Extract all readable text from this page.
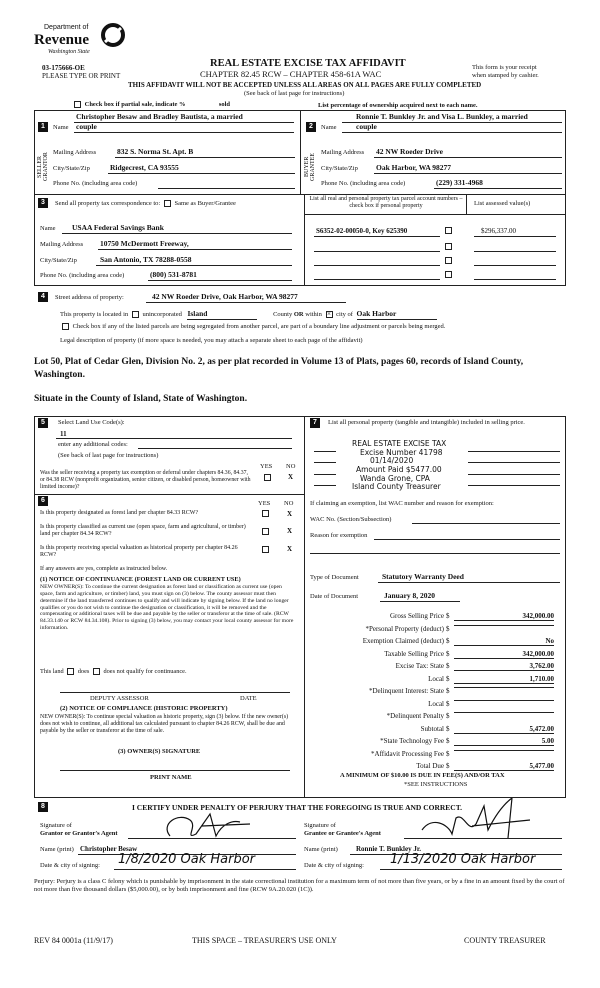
Department of
Revenue
Washington State
03-175666-OE
PLEASE TYPE OR PRINT
REAL ESTATE EXCISE TAX AFFIDAVIT
CHAPTER 82.45 RCW – CHAPTER 458-61A WAC
THIS AFFIDAVIT WILL NOT BE ACCEPTED UNLESS ALL AREAS ON ALL PAGES ARE FULLY COMPLETED
(See back of last page for instructions)
This form is your receipt
when stamped by cashier.
Check box if partial sale, indicate %	sold	List percentage of ownership acquired next to each name.
1	Name
Christopher Besaw and Bradley Bautista, a married
couple
SELLER GRANTOR
Mailing Address	832 S. Norma St. Apt. B
City/State/Zip	Ridgecrest, CA 93555
Phone No. (including area code)
2	Name
Ronnie T. Bunkley Jr. and Visa L. Bunkley, a married
couple
BUYER GRANTEE
Mailing Address 42 NW Roeder Drive
City/State/Zip Oak Harbor, WA 98277
Phone No. (including area code)	(229) 331-4968
3	Send all property tax correspondence to: Same as Buyer/Grantee
List all real and personal property tax parcel account numbers – check box if personal property	List assessed value(s)
Name USAA Federal Savings Bank
Mailing Address 10750 McDermott Freeway,
City/State/Zip	San Antonio, TX 78288-0558
Phone No. (including area code)	(800) 531-8781
S6352-02-00050-0, Key 625390	$296,337.00
4	Street address of property:	42 NW Roeder Drive, Oak Harbor, WA 98277
This property is located in unincorporated Island	County OR within × city of Oak Harbor
Check box if any of the listed parcels are being segregated from another parcel, are part of a boundary line adjustment or parcels being merged.
Legal description of property (if more space is needed, you may attach a separate sheet to each page of the affidavit)
Lot 50, Plat of Cedar Glen, Division No. 2, as per plat recorded in Volume 13 of Plats, pages 60, records of Island County, Washington.
Situate in the County of Island, State of Washington.
5	Select Land Use Code(s):
11
enter any additional codes:
(See back of last page for instructions)
YES NO
Was the seller receiving a property tax exemption or deferral under chapters 84.36, 84.37, or 84.38 RCW (nonprofit organization, senior citizen, or disabled person, homeowner with limited income)?
X
6	YES NO
Is this property designated as forest land per chapter 84.33 RCW?	X
Is this property classified as current use (open space, farm and agricultural, or timber) land per chapter 84.34 RCW?	X
Is this property receiving special valuation as historical property per chapter 84.26 RCW?
X
If any answers are yes, complete as instructed below.
(1) NOTICE OF CONTINUANCE (FOREST LAND OR CURRENT USE)
NEW OWNER(S): To continue the current designation as forest land or classification as current use (open space, farm and agriculture, or timber) land, you must sign on (3) below. The county assessor must then determine if the land transferred continues to qualify and will indicate by signing below. If the land no longer qualifies or you do not wish to continue the designation or classification, it will be removed and the compensating or additional taxes will be due and payable by the seller or transferor at the time of sale. (RCW 84.33.140 or RCW 84.34.108). Prior to signing (3) below, you may contact your local county assessor for more information.
This land does does not qualify for continuance.
DEPUTY ASSESSOR	DATE
(2) NOTICE OF COMPLIANCE (HISTORIC PROPERTY)
NEW OWNER(S): To continue special valuation as historic property, sign (3) below. If the new owner(s) does not wish to continue, all additional tax calculated pursuant to chapter 84.26 RCW, shall be due and payable by the seller or transferor at the time of sale.
(3) OWNER(S) SIGNATURE
PRINT NAME
7	List all personal property (tangible and intangible) included in selling price.
REAL ESTATE EXCISE TAX
Excise Number 41798
01/14/2020
Amount Paid $5477.00
Wanda Grone, CPA
Island County Treasurer
If claiming an exemption, list WAC number and reason for exemption:
WAC No. (Section/Subsection)
Reason for exemption
Type of Document	Statutory Warranty Deed
Date of Document	January 8, 2020
Gross Selling Price $	342,000.00
*Personal Property (deduct) $
Exemption Claimed (deduct) $	No
Taxable Selling Price $	342,000.00
Excise Tax: State $	3,762.00
Local $	1,710.00
*Delinquent Interest: State $
Local $
*Delinquent Penalty $
Subtotal $	5,472.00
*State Technology Fee $	5.00
*Affidavit Processing Fee $
Total Due $	5,477.00
A MINIMUM OF $10.00 IS DUE IN FEE(S) AND/OR TAX
*SEE INSTRUCTIONS
8	I CERTIFY UNDER PENALTY OF PERJURY THAT THE FOREGOING IS TRUE AND CORRECT.
Signature of
Grantor or Grantor's Agent
Signature of
Grantee or Grantee's Agent
Name (print) Christopher Besaw	Name (print)	Ronnie T. Bunkley Jr.
Date & city of signing: 1/8/2020 Oak Harbor	Date & city of signing: 1/13/2020 Oak Harbor
Perjury: Perjury is a class C felony which is punishable by imprisonment in the state correctional institution for a maximum term of not more than five years, or by a fine in an amount fixed by the court of not more than five thousand dollars ($5,000.00), or by both imprisonment and fine (RCW 9A.20.020 (1C)).
REV 84 0001a (11/9/17)	THIS SPACE – TREASURER'S USE ONLY	COUNTY TREASURER
